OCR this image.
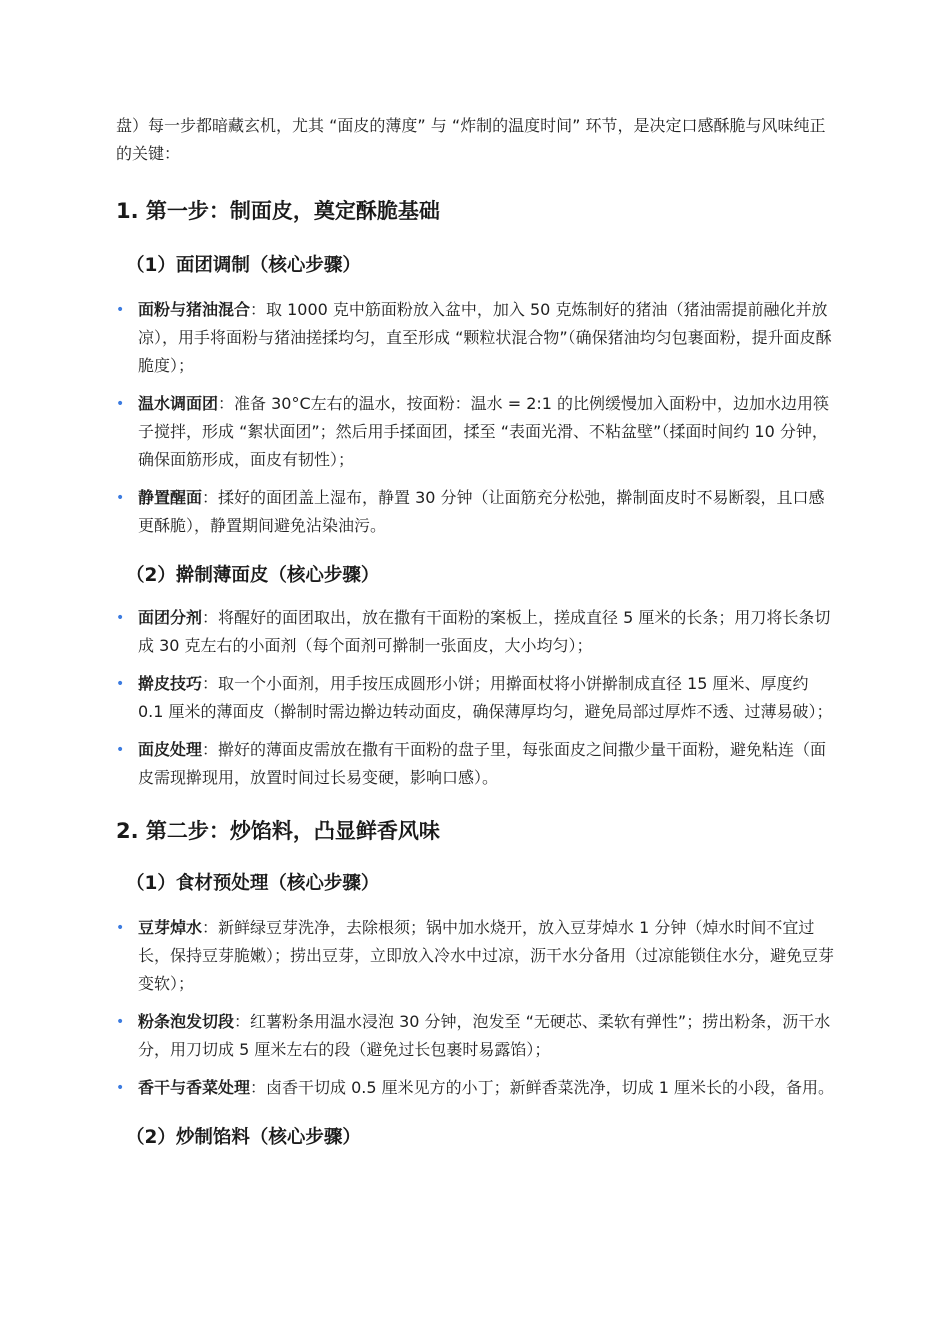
盘）每一步都暗藏玄机，尤其 “面皮的薄度” 与 “炸制的温度时间” 环节，是决定口感酥脆与风味纯正的关键：

1. 第一步：制面皮，奠定酥脆基础
（1）面团调制（核心步骤）
• 面粉与猪油混合：取 1000 克中筋面粉放入盆中，加入 50 克炼制好的猪油（猪油需提前融化并放凉），用手将面粉与猪油搓揉均匀，直至形成 “颗粒状混合物”（确保猪油均匀包裹面粉，提升面皮酥脆度）；
• 温水调面团：准备 30°C左右的温水，按面粉：温水 = 2:1 的比例缓慢加入面粉中，边加水边用筷子搅拌，形成 “絮状面团”；然后用手揉面团，揉至 “表面光滑、不粘盆壁”（揉面时间约 10 分钟，确保面筋形成，面皮有韧性）；
• 静置醒面：揉好的面团盖上湿布，静置 30 分钟（让面筋充分松弛，擀制面皮时不易断裂，且口感更酥脆），静置期间避免沾染油污。
（2）擀制薄面皮（核心步骤）
• 面团分剂：将醒好的面团取出，放在撒有干面粉的案板上，搓成直径 5 厘米的长条；用刀将长条切成 30 克左右的小面剂（每个面剂可擀制一张面皮，大小均匀）；
• 擀皮技巧：取一个小面剂，用手按压成圆形小饼；用擀面杖将小饼擀制成直径 15 厘米、厚度约 0.1 厘米的薄面皮（擀制时需边擀边转动面皮，确保薄厚均匀，避免局部过厚炸不透、过薄易破）；
• 面皮处理：擀好的薄面皮需放在撒有干面粉的盘子里，每张面皮之间撒少量干面粉，避免粘连（面皮需现擀现用，放置时间过长易变硬，影响口感）。
2. 第二步：炒馅料，凸显鲜香风味
（1）食材预处理（核心步骤）
• 豆芽焯水：新鲜绿豆芽洗净，去除根须；锅中加水烧开，放入豆芽焯水 1 分钟（焯水时间不宜过长，保持豆芽脆嫩）；捞出豆芽，立即放入冷水中过凉，沥干水分备用（过凉能锁住水分，避免豆芽变软）；
• 粉条泡发切段：红薯粉条用温水浸泡 30 分钟，泡发至 “无硬芯、柔软有弹性”；捞出粉条，沥干水分，用刀切成 5 厘米左右的段（避免过长包裹时易露馅）；
• 香干与香菜处理：卤香干切成 0.5 厘米见方的小丁；新鲜香菜洗净，切成 1 厘米长的小段，备用。
（2）炒制馅料（核心步骤）
